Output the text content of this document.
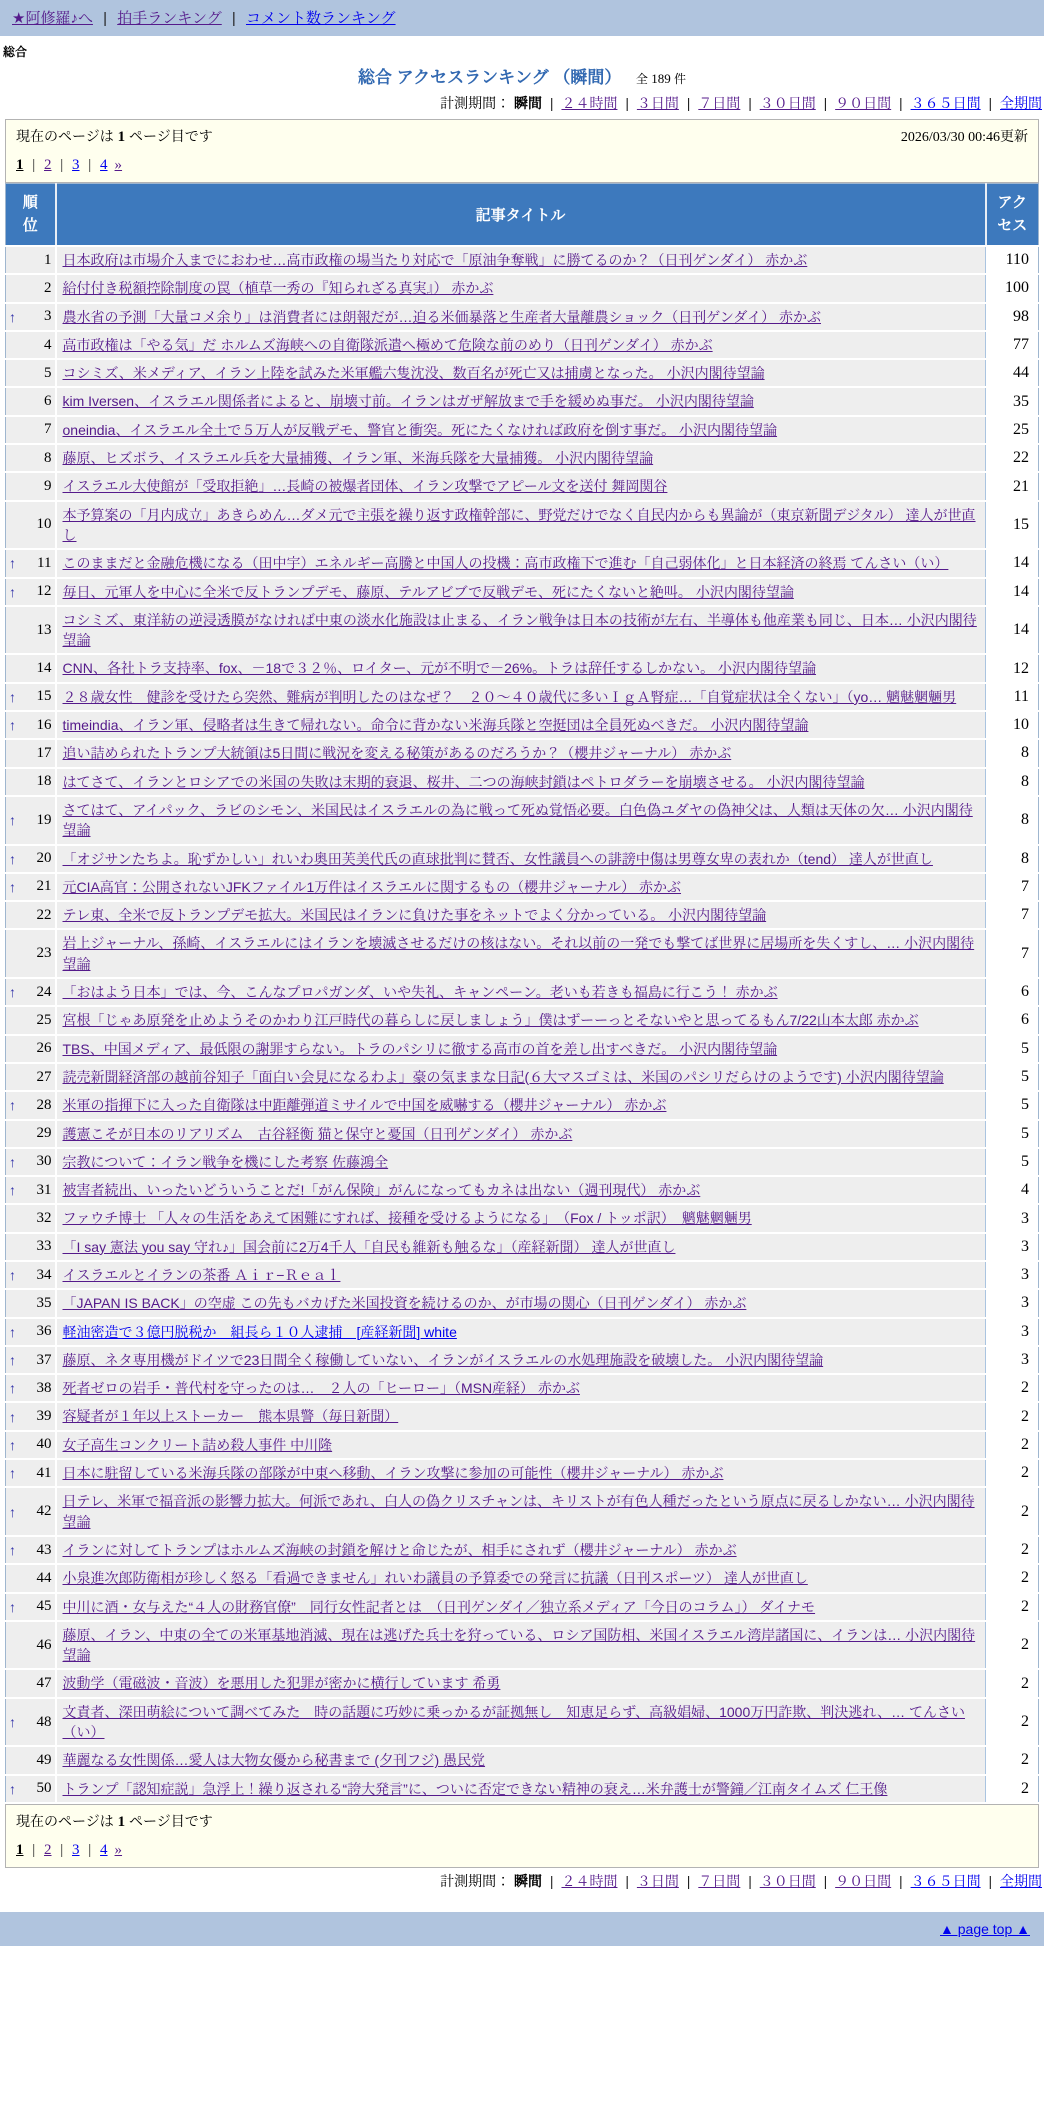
★阿修羅♪へ | 拍手ランキング | コメント数ランキング
総合
総合 アクセスランキング （瞬間） 全 189 件
計測期間： 瞬間 | ２４時間 | ３日間 | ７日間 | ３０日間 | ９０日間 | ３６５日間 | 全期間
現在のページは 1 ページ目です	2026/03/30 00:46更新
1 | 2 | 3 | 4 »
順位	記事タイトル	アクセス

1	日本政府は市場介入までにおわせ…高市政権の場当たり対応で「原油争奪戦」に勝てるのか？（日刊ゲンダイ） 赤かぶ	110

2	給付付き税額控除制度の罠（植草一秀の『知られざる真実』） 赤かぶ	100

↑ 3	農水省の予測「大量コメ余り」は消費者には朗報だが…迫る米価暴落と生産者大量離農ショック（日刊ゲンダイ） 赤かぶ	98

4	高市政権は「やる気」だ ホルムズ海峡への自衛隊派遣へ極めて危険な前のめり（日刊ゲンダイ） 赤かぶ	77

5	コシミズ、米メディア、イラン上陸を試みた米軍艦六隻沈没、数百名が死亡又は捕虜となった。 小沢内閣待望論	44

6	kim Iversen、イスラエル関係者によると、崩壊寸前。イランはガザ解放まで手を緩めぬ事だ。 小沢内閣待望論	35

7	oneindia、イスラエル全土で５万人が反戦デモ、警官と衝突。死にたくなければ政府を倒す事だ。 小沢内閣待望論	25

8	藤原、ヒズボラ、イスラエル兵を大量捕獲、イラン軍、米海兵隊を大量捕獲。 小沢内閣待望論	22

9	イスラエル大使館が「受取拒絶」…長崎の被爆者団体、イラン攻撃でアピール文を送付 舞岡関谷	21

10	本予算案の「月内成立」あきらめん…ダメ元で主張を繰り返す政権幹部に、野党だけでなく自民内からも異論が（東京新聞デジタル） 達人が世直し	15

↑ 11	このままだと金融危機になる（田中宇）エネルギー高騰と中国人の投機：高市政権下で進む「自己弱体化」と日本経済の終焉 てんさい（い）	14

↑ 12	毎日、元軍人を中心に全米で反トランプデモ、藤原、テルアビブで反戦デモ、死にたくないと絶叫。 小沢内閣待望論	14

13	コシミズ、東洋紡の逆浸透膜がなければ中東の淡水化施設は止まる、イラン戦争は日本の技術が左右、半導体も他産業も同じ、日本… 小沢内閣待望論	14

14	CNN、各社トラ支持率、fox、－18で３２％、ロイター、元が不明で－26%。トラは辞任するしかない。 小沢内閣待望論	12

↑ 15	２８歳女性　健診を受けたら突然、難病が判明したのはなぜ？　２０～４０歳代に多いＩｇＡ腎症…「自覚症状は全くない」（yo… 魑魅魍魎男	11

↑ 16	timeindia、イラン軍、侵略者は生きて帰れない。命令に背かない米海兵隊と空挺団は全員死ぬべきだ。 小沢内閣待望論	10

17	追い詰められたトランプ大統領は5日間に戦況を変える秘策があるのだろうか？（櫻井ジャーナル） 赤かぶ	8

18	はてさて、イランとロシアでの米国の失敗は末期的衰退、桜井、二つの海峡封鎖はペトロダラーを崩壊させる。 小沢内閣待望論	8

↑ 19	さてはて、アイパック、ラビのシモン、米国民はイスラエルの為に戦って死ぬ覚悟必要。白色偽ユダヤの偽神父は、人類は天体の欠… 小沢内閣待望論	8

↑ 20	「オジサンたちよ。恥ずかしい」れいわ奥田芙美代氏の直球批判に賛否、女性議員への誹謗中傷は男尊女卑の表れか（tend） 達人が世直し	8

↑ 21	元CIA高官：公開されないJFKファイル1万件はイスラエルに関するもの（櫻井ジャーナル） 赤かぶ	7

22	テレ東、全米で反トランプデモ拡大。米国民はイランに負けた事をネットでよく分かっている。 小沢内閣待望論	7

23	岩上ジャーナル、孫崎、イスラエルにはイランを壊滅させるだけの核はない。それ以前の一発でも撃てば世界に居場所を失くすし、… 小沢内閣待望論	7

↑ 24	「おはよう日本」では、今、こんなプロパガンダ、いや失礼、キャンペーン。老いも若きも福島に行こう！ 赤かぶ	6

25	宮根「じゃあ原発を止めようそのかわり江戸時代の暮らしに戻しましょう」僕はずーーっとそないやと思ってるもん7/22山本太郎 赤かぶ	6

26	TBS、中国メディア、最低限の謝罪すらない。トラのパシリに徹する高市の首を差し出すべきだ。 小沢内閣待望論	5

27	読売新聞経済部の越前谷知子「面白い会見になるわよ」豪の気ままな日記(６大マスゴミは、米国のパシリだらけのようです) 小沢内閣待望論	5

↑ 28	米軍の指揮下に入った自衛隊は中距離弾道ミサイルで中国を威嚇する（櫻井ジャーナル） 赤かぶ	5

29	護憲こそが日本のリアリズム　古谷経衡 猫と保守と憂国（日刊ゲンダイ） 赤かぶ	5

↑ 30	宗教について：イラン戦争を機にした考察 佐藤鴻全	5

↑ 31	被害者続出、いったいどういうことだ!「がん保険」がんになってもカネは出ない（週刊現代） 赤かぶ	4

32	ファウチ博士 「人々の生活をあえて困難にすれば、接種を受けるようになる」　（Fox / トッポ訳）　魑魅魍魎男	3

33	「I say 憲法 you say 守れ♪」国会前に2万4千人「自民も維新も触るな」（産経新聞） 達人が世直し	3

↑ 34	イスラエルとイランの茶番 Ａｉｒ−Ｒｅａｌ	3

35	「JAPAN IS BACK」の空虚 この先もバカげた米国投資を続けるのか、が市場の関心（日刊ゲンダイ） 赤かぶ	3

↑ 36	軽油密造で３億円脱税か　組長ら１０人逮捕　[産経新聞] white	3

↑ 37	藤原、ネタ専用機がドイツで23日間全く稼働していない、イランがイスラエルの水処理施設を破壊した。 小沢内閣待望論	3

↑ 38	死者ゼロの岩手・普代村を守ったのは…　２人の「ヒーロー」（MSN産経） 赤かぶ	2

↑ 39	容疑者が１年以上ストーカー　熊本県警（毎日新聞）	2

↑ 40	女子高生コンクリート詰め殺人事件 中川隆	2

↑ 41	日本に駐留している米海兵隊の部隊が中東へ移動、イラン攻撃に参加の可能性（櫻井ジャーナル） 赤かぶ	2

↑ 42	日テレ、米軍で福音派の影響力拡大。何派であれ、白人の偽クリスチャンは、キリストが有色人種だったという原点に戻るしかない… 小沢内閣待望論	2

↑ 43	イランに対してトランプはホルムズ海峡の封鎖を解けと命じたが、相手にされず（櫻井ジャーナル） 赤かぶ	2

44	小泉進次郎防衛相が珍しく怒る「看過できません」れいわ議員の予算委での発言に抗議（日刊スポーツ） 達人が世直し	2

↑ 45	中川に酒・女与えた“４人の財務官僚”　同行女性記者とは　（日刊ゲンダイ／独立系メディア「今日のコラム」） ダイナモ	2

46	藤原、イラン、中東の全ての米軍基地消滅、現在は逃げた兵士を狩っている、ロシア国防相、米国イスラエル湾岸諸国に、イランは… 小沢内閣待望論	2

47	波動学（電磁波・音波）を悪用した犯罪が密かに横行しています 希勇	2

↑ 48	文責者、深田萌絵について調べてみた　時の話題に巧妙に乗っかるが証拠無し　知恵足らず、高級娼婦、1000万円詐欺、判決逃れ、… てんさい（い）	2

49	華麗なる女性関係…愛人は大物女優から秘書まで (夕刊フジ) 愚民党	2

↑ 50	トランプ「認知症説」急浮上！繰り返される“誇大発言”に、ついに否定できない精神の衰え…米弁護士が警鐘／江南タイムズ 仁王像	2
現在のページは 1 ページ目です
1 | 2 | 3 | 4 »
計測期間： 瞬間 | ２４時間 | ３日間 | ７日間 | ３０日間 | ９０日間 | ３６５日間 | 全期間
▲ page top ▲
